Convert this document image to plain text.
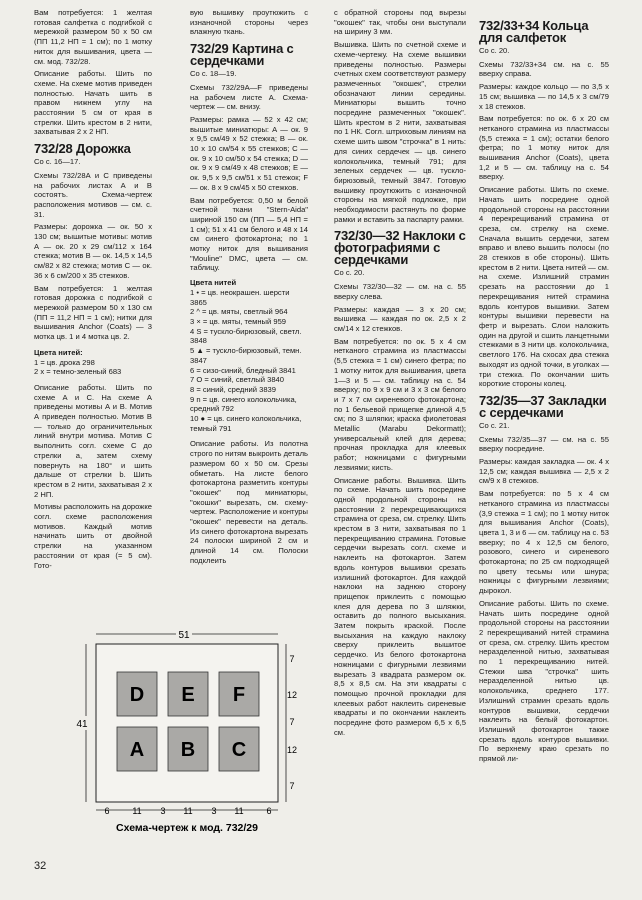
Вам потребуется: 1 желтая готовая салфетка с подгибкой с мережкой размером 50 х 50 см (ПП 11,2 НП = 1 см); по 1 мотку ниток для вышивания, цвета — см. мод. 732/28.

Описание работы. Шить по схеме. На схеме мотив приведен полностью. Начать шить в правом нижнем углу на расстоянии 5 см от края в стрелки. Шить крестом в 2 нити, захватывая 2 х 2 НП.

732/28 Дорожка
Со с. 16—17.

Схемы 732/28А и С приведены на рабочих листах А и В состоятъ. Схема-чертеж расположения мотивов — см. с. 31.

Размеры: дорожка — ок. 50 х 130 см; вышитые мотивы: мотив А — ок. 20 х 29 см/112 х 164 стежка; мотив В — ок. 14,5 х 14,5 см/82 х 82 стежка; мотив С — ок. 36 х 6 см/200 х 35 стежков.

Вам потребуется: 1 желтая готовая дорожка с подгибкой с мережкой размером 50 х 130 см (ПП = 11,2 НП = 1 см); нитки для вышивания Anchor (Coats) — 3 мотка цв. 1 и 4 мотка цв. 2.

Цвета нитей:

1 = цв. дрока 298
2 х = темно-зеленый 683

Описание работы. Шить по схеме А и С. На схеме А приведены мотивы А и В. Мотив А приведен полностью. Мотив В — только до ограничительных линий внутри мотива. Мотив С выполнить согл. схеме С до стрелки а, затем схему повернуть на 180° и шить дальше от стрелки b. Шить крестом в 2 нити, захватывая 2 х 2 НП.

Мотивы расположить на дорожке согл. схеме расположения мотивов. Каждый мотив начинать шить от двойной стрелки на указанном расстоянии от края (= 5 см). Гото-

вую вышивку проутюжить с изнаночной стороны через влажную ткань.

732/29 Картина с сердечками
Со с. 18—19.

Схемы 732/29А—F приведены на рабочем листе А. Схема-чертеж — см. внизу.

Размеры: рамка — 52 х 42 см; вышитые миниатюры: А — ок. 9 х 9,5 см/49 х 52 стежка; В — ок. 10 х 10 см/54 х 55 стежков; С — ок. 9 х 10 см/50 х 54 стежка; D — ок. 9 х 9 см/49 х 48 стежков; Е — ок. 9,5 х 9,5 см/51 х 51 стежок; F — ок. 8 х 9 см/45 х 50 стежков.

Вам потребуется: 0,50 м белой счетной ткани "Stern-Aida" шириной 150 см (ПП — 5,4 НП = 1 см); 51 х 41 см белого и 48 х 14 см синего фотокартона; по 1 мотку ниток для вышивания "Mouline" DMC, цвета — см. таблицу.

Цвета нитей

1 • = цв. неокрашен. шерсти 3865
2 ^ = цв. мяты, светлый 964
3 × = цв. мяты, темный 959
4 S = тускло-бирюзовый, светл. 3848
5 ▲ = тускло-бирюзовый, темн. 3847
6 = сизо-синий, бледный 3841
7 O = синий, светлый 3840
8 = синий, средний 3839
9 n = цв. синего колокольчика, средний 792
10 ● = цв. синего колокольчика, темный 791

Описание работы. Из полотна строго по нитям выкроить деталь размером 60 х 50 см. Срезы обметать. На листе белого фотокартона разметить контуры "окошек" под миниатюры, "окошки" вырезать, см. схему-чертеж. Расположение и контуры "окошек" перевести на деталь. Из синего фотокартона вырезать 24 полоски шириной 2 см и длиной 14 см. Полоски подклеить

с обратной стороны под вырезы "окошек" так, чтобы они выступали на ширину 3 мм.

Вышивка. Шить по счетной схеме и схеме-чертежу. На схеме вышивки приведены полностью. Размеры счетных схем соответствуют размеру размеченных "окошек", стрелки обозначают линии середины. Миниатюры вышить точно посредине размеченных "окошек". Шить крестом в 2 нити, захватывая по 1 НК. Согл. штриховым линиям на схеме шить швом "строчка" в 1 нить: для синих сердечек — цв. синего колокольчика, темный 791; для зеленых сердечек — цв. тускло-бирюзовый, темный 3847. Готовую вышивку проутюжить с изнаночной стороны на мягкой подложке, при необходимости растянуть по форме рамки и вставить за паспарту рамки.

732/30—32 Наклоки с фотографиями с сердечками
Со с. 20.

Схемы 732/30—32 — см. на с. 55 вверху слева.

Размеры: каждая — 3 х 20 см; вышивка — каждая по ок. 2,5 х 2 см/14 х 12 стежков.

Вам потребуется: по ок. 5 х 4 см нетканого страмина из пластмассы (5,5 стежка = 1 см) синего фетра; по 1 мотку ниток для вышивания, цвета 1—3 и 5 — см. таблицу на с. 54 вверху; по 9 х 9 см и 3 х 3 см белого и 7 х 7 см сиреневого фотокартона; по 1 бельевой прищепке длиной 4,5 см; по 3 шляпки; краска фиолетовая Metallic (Marabu Dekormatt); универсальный клей для дерева; прочная прокладка для клеевых работ; ножницами с фигурными лезвиями; кисть.

Описание работы. Вышивка. Шить по схеме. Начать шить посредине одной продольной стороны на расстоянии 2 перекрещивающихся страмина от среза, см. стрелку. Шить крестом в 3 нити, захватывая по 1 перекрещиванию страмина. Готовые сердечки вырезать согл. схеме и наклеить на фотокартон. Затем вдоль контуров вышивки срезать излишний фотокартон. Для каждой наклоки на заднюю сторону прищепок приклеить с помощью клея для дерева по 3 шляжки, оставить до полного высыхания. Затем покрыть краской. После высыхания на каждую наклоку сверху приклеить вышитое сердечко. Из белого фотокартона ножницами с фигурными лезвиями вырезать 3 квадрата размером ок. 8,5 х 8,5 см. На эти квадраты с помощью прочной прокладки для клеевых работ наклеить сиреневые квадраты и по окончании наклеить посредине фото размером 6,5 х 6,5 см.

732/33+34 Кольца для салфеток
Со с. 20.

Схемы 732/33+34 см. на с. 55 вверху справа.

Размеры: каждое кольцо — по 3,5 х 15 см; вышивка — по 14,5 х 3 см/79 х 18 стежков.

Вам потребуется: по ок. 6 х 20 см нетканого страмина из пластмассы (5,5 стежка = 1 см); остатки белого фетра; по 1 мотку ниток для вышивания Anchor (Coats), цвета 1,2 и 5 — см. таблицу на с. 54 вверху.

Описание работы. Шить по схеме. Начать шить посредине одной продольной стороны на расстоянии 4 перекрещиваний страмина от среза, см. стрелку на схеме. Сначала вышить сердечки, затем вправо и влево вышить полосы (по 28 стежков в обе стороны). Шить крестом в 2 нити. Цвета нитей — см. на схеме. Излишний страмин срезать на расстоянии до 1 перекрещивания нитей страмина вдоль контуров вышивки. Затем контуры вышивки перевести на фетр и вырезать. Слои наложить один на другой и сшить ланцетными стежками в 3 нити цв. колокольчика, светлого 176. На схосах два стежка выходят из одной точки, в уголках — три стежка. По окончании шить короткие стороны колец.

732/35—37 Закладки с сердечками
Со с. 21.

Схемы 732/35—37 — см. на с. 55 вверху посредине.

Размеры: каждая закладка — ок. 4 х 12,5 см; каждая вышивка — 2,5 х 2 см/9 х 8 стежков.

Вам потребуется: по 5 х 4 см нетканого страмина из пластмассы (3,9 стежка = 1 см); по 1 мотку ниток для вышивания Anchor (Coats), цвета 1, 3 и 6 — см. таблицу на с. 53 вверху; по 4 х 12,5 см белого, розового, синего и сиреневого фотокартона; по 25 см подходящей по цвету тесьмы или шнура; ножницы с фигурными лезвиями; дырокол.

Описание работы. Шить по схеме. Начать шить посредине одной продольной стороны на расстоянии 2 перекрещиваний нитей страмина от среза, см. стрелку. Шить крестом неразделенной нитью, захватывая по 1 перекрещиванию нитей. Стежки шва "строчка" шить неразделенной нитью цв. колокольчика, среднего 177. Излишний страмин срезать вдоль контуров вышивки, сердечки наклеить на белый фотокартон. Излишний фотокартон также срезать вдоль контуров вышивки. По верхнему краю срезать по прямой ли-

51
41
D E F
A B C
7
12
7
12
7
6	11 3 11 3 11	6
Схема-чертеж к мод. 732/29
32
